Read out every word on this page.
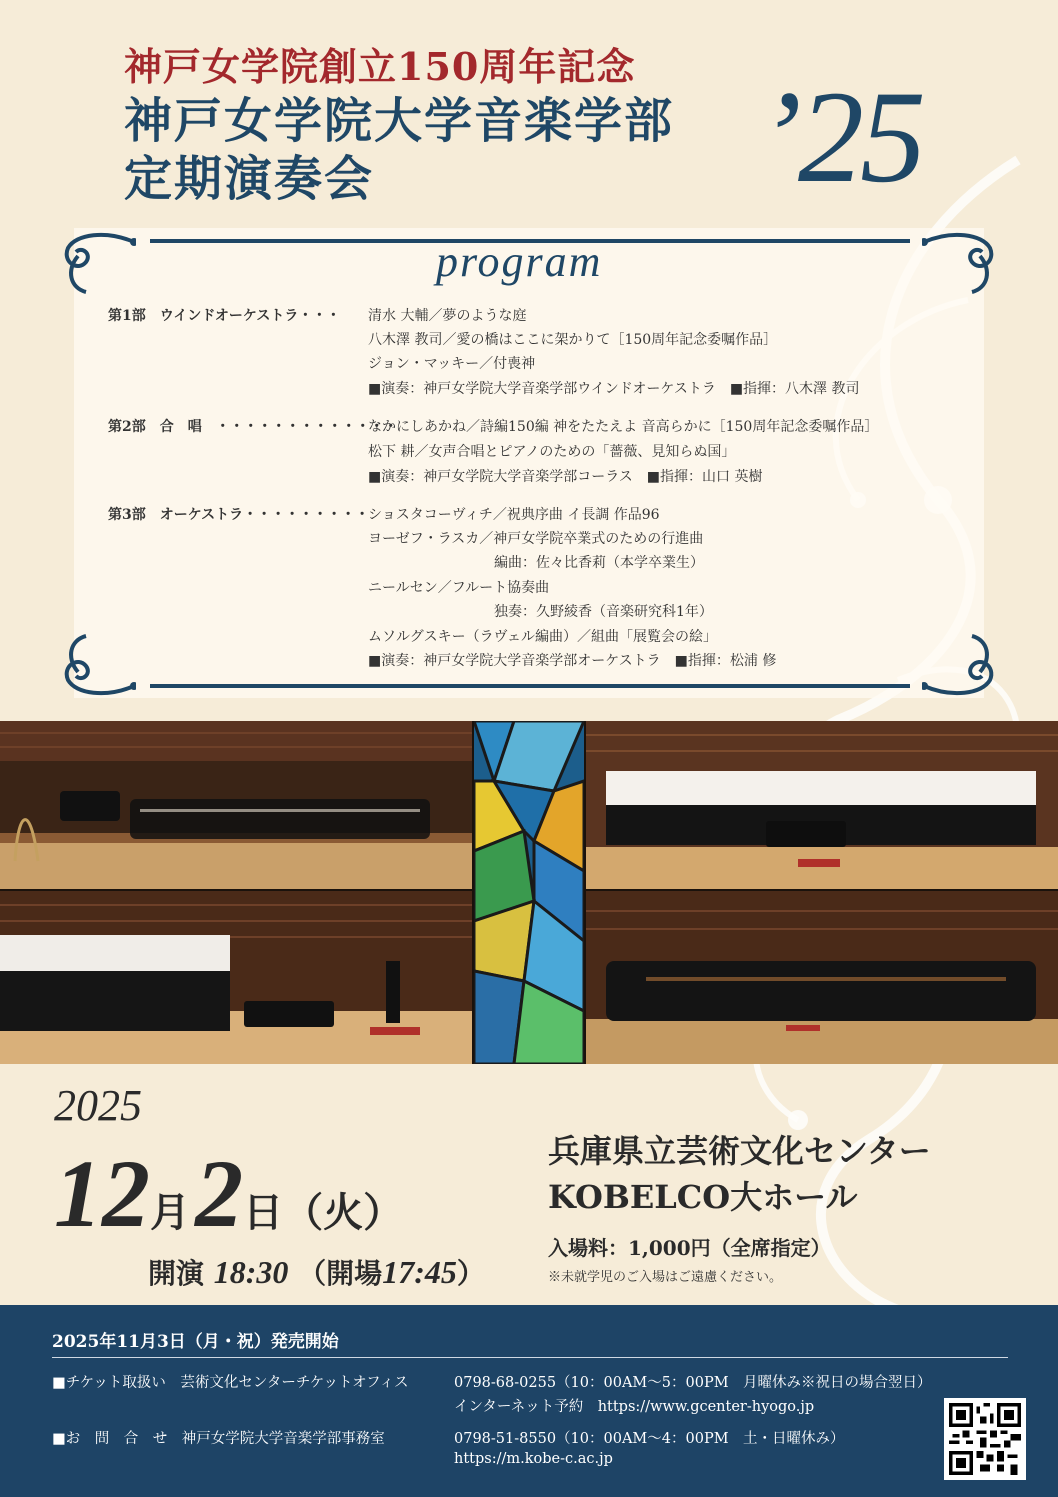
神戸女学院創立150周年記念
神戸女学院大学音楽学部
定期演奏会	’25
program
第1部　ウインドオーケストラ・・・ 清水 大輔／夢のような庭
八木澤 教司／愛の橋はここに架かりて［150周年記念委嘱作品］
ジョン・マッキー／付喪神
■演奏：神戸女学院大学音楽学部ウインドオーケストラ　■指揮：八木澤 教司
第2部　合　唱　・・・・・・・・・・・・・
なかにしあかね／詩編150編 神をたたえよ 音高らかに［150周年記念委嘱作品］
松下 耕／女声合唱とピアノのための「薔薇、見知らぬ国」
■演奏：神戸女学院大学音楽学部コーラス　■指揮：山口 英樹
第3部　オーケストラ・・・・・・・・・
ショスタコーヴィチ／祝典序曲 イ長調 作品96
ヨーゼフ・ラスカ／神戸女学院卒業式のための行進曲
　　　　　　　　　編曲：佐々比香莉（本学卒業生）
ニールセン／フルート協奏曲
　　　　　　　　　独奏：久野綾香（音楽研究科1年）
ムソルグスキー（ラヴェル編曲）／組曲「展覧会の絵」
■演奏：神戸女学院大学音楽学部オーケストラ　■指揮：松浦 修
2025
12月 2日（火）
開演 18:30 （開場17:45）
兵庫県立芸術文化センター
KOBELCO大ホール
入場料：1,000円（全席指定）
※未就学児のご入場はご遠慮ください。
2025年11月3日（月・祝）発売開始
■チケット取扱い　芸術文化センターチケットオフィス	0798-68-0255（10：00AM～5：00PM　月曜休み※祝日の場合翌日）
インターネット予約　https://www.gcenter-hyogo.jp
■お　問　合　せ　神戸女学院大学音楽学部事務室	0798-51-8550（10：00AM～4：00PM　土・日曜休み）
https://m.kobe-c.ac.jp
